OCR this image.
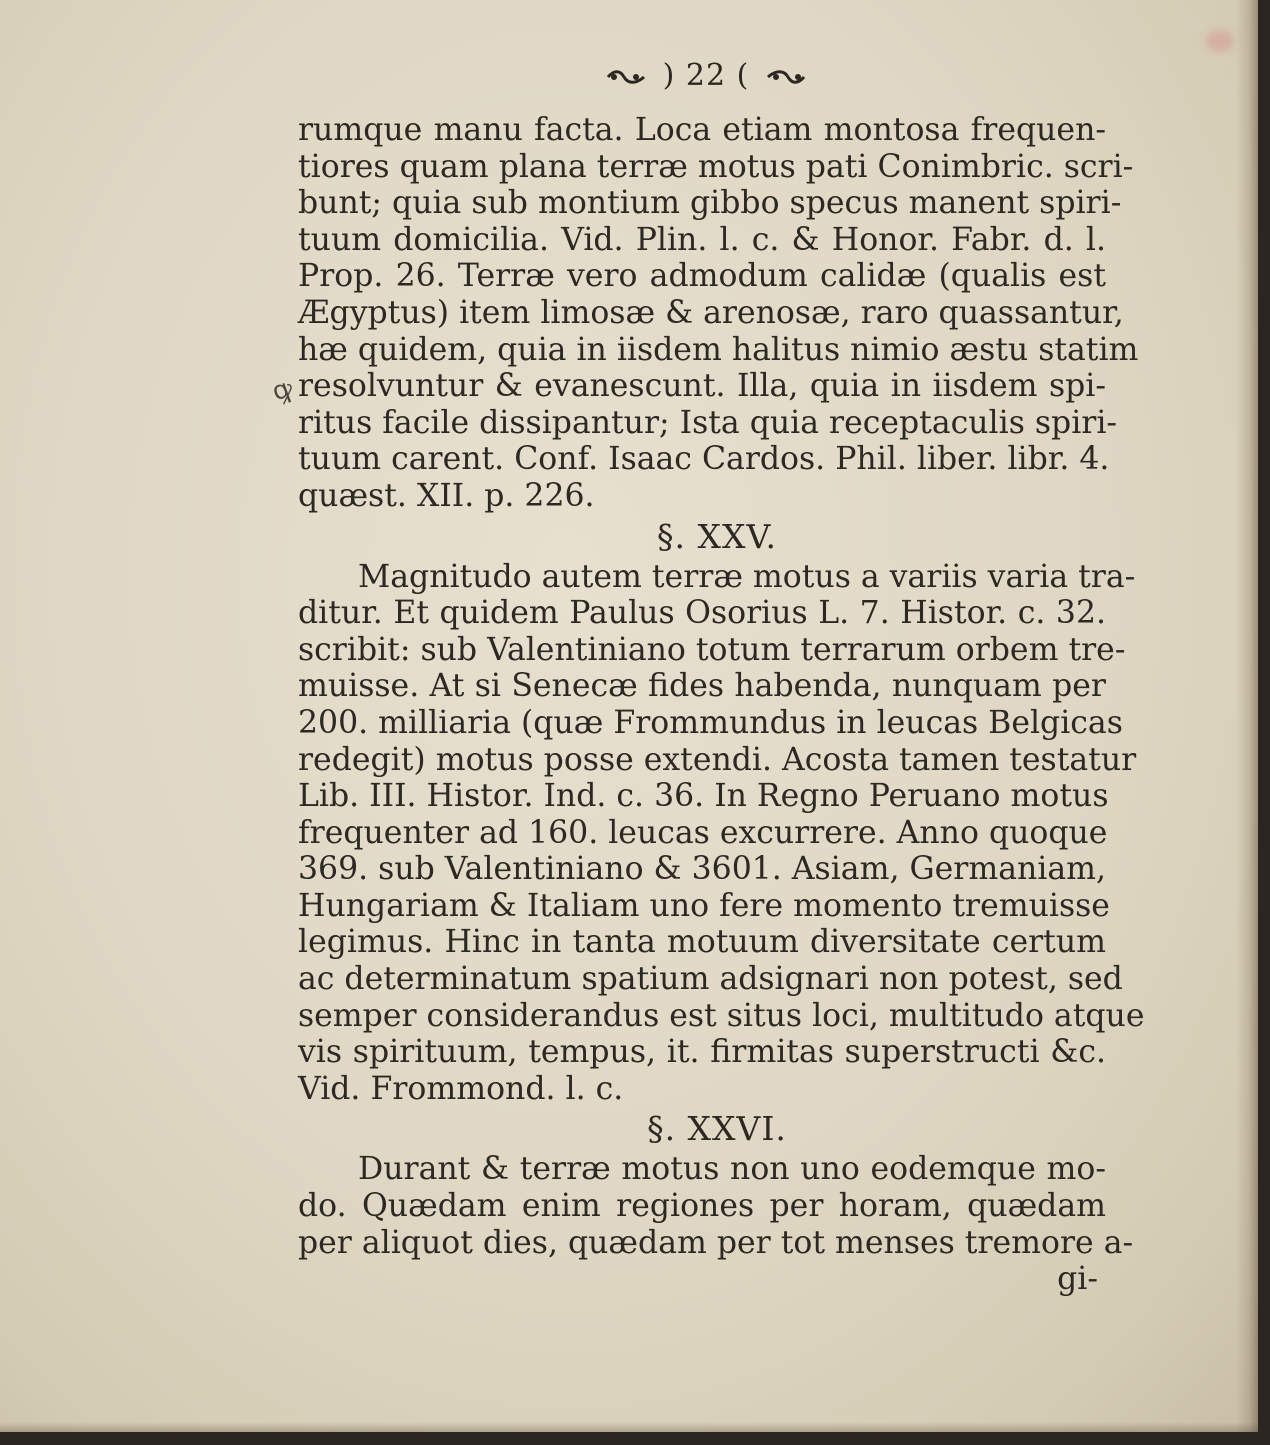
) 22 (
ꝙ
rumque manu facta. Loca etiam montosa frequen-
tiores quam plana terræ motus pati Conimbric. scri-
bunt; quia sub montium gibbo specus manent spiri-
tuum domicilia. Vid. Plin. l. c. & Honor. Fabr. d. l.
Prop. 26. Terræ vero admodum calidæ (qualis est
Ægyptus) item limosæ & arenosæ, raro quassantur,
hæ quidem, quia in iisdem halitus nimio æstu statim
resolvuntur & evanescunt. Illa, quia in iisdem spi-
ritus facile dissipantur; Ista quia receptaculis spiri-
tuum carent. Conf. Isaac Cardos. Phil. liber. libr. 4.
quæst. XII. p. 226.
§. XXV.
Magnitudo autem terræ motus a variis varia tra-
ditur. Et quidem Paulus Osorius L. 7. Histor. c. 32.
scribit: sub Valentiniano totum terrarum orbem tre-
muisse. At si Senecæ fides habenda, nunquam per
200. milliaria (quæ Frommundus in leucas Belgicas
redegit) motus posse extendi. Acosta tamen testatur
Lib. III. Histor. Ind. c. 36. In Regno Peruano motus
frequenter ad 160. leucas excurrere. Anno quoque
369. sub Valentiniano & 3601. Asiam, Germaniam,
Hungariam & Italiam uno fere momento tremuisse
legimus. Hinc in tanta motuum diversitate certum
ac determinatum spatium adsignari non potest, sed
semper considerandus est situs loci, multitudo atque
vis spirituum, tempus, it. firmitas superstructi &c.
Vid. Frommond. l. c.
§. XXVI.
Durant & terræ motus non uno eodemque mo-
do. Quædam enim regiones per horam, quædam
per aliquot dies, quædam per tot menses tremore a-
gi-
